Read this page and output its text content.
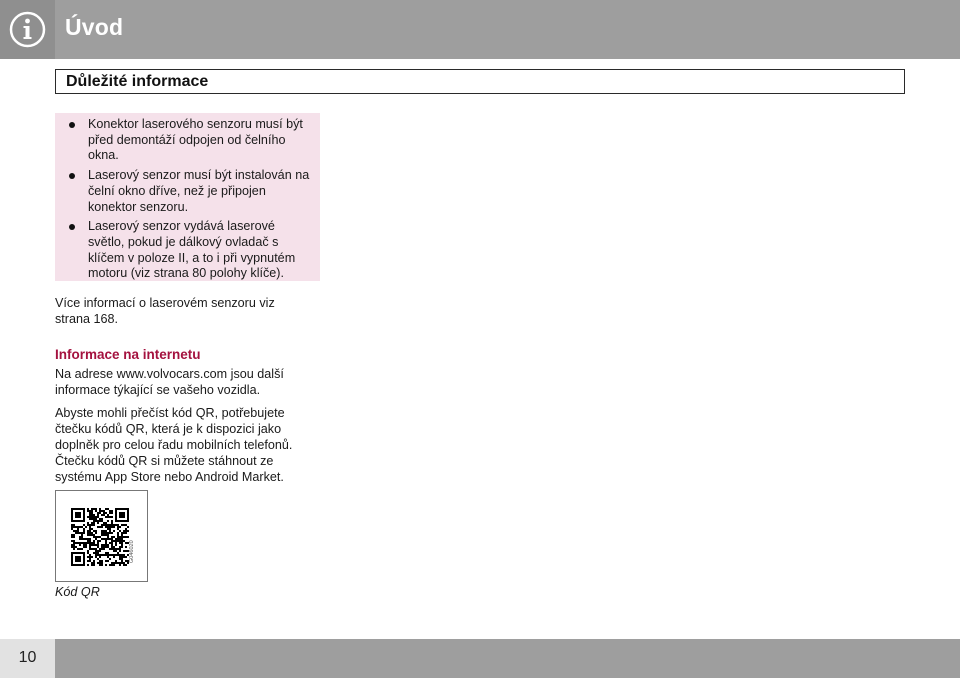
Úvod
Důležité informace
Konektor laserového senzoru musí být před demontáží odpojen od čelního okna.
Laserový senzor musí být instalován na čelní okno dříve, než je připojen konektor senzoru.
Laserový senzor vydává laserové světlo, pokud je dálkový ovladač s klíčem v poloze II, a to i při vypnutém motoru (viz strana 80 polohy klíče).

Více informací o laserovém senzoru viz strana 168.

Informace na internetu

Na adrese www.volvocars.com jsou další informace týkající se vašeho vozidla.

Abyste mohli přečíst kód QR, potřebujete čtečku kódů QR, která je k dispozici jako doplněk pro celou řadu mobilních telefonů. Čtečku kódů QR si můžete stáhnout ze systému App Store nebo Android Market.

G046020
Kód QR
10
